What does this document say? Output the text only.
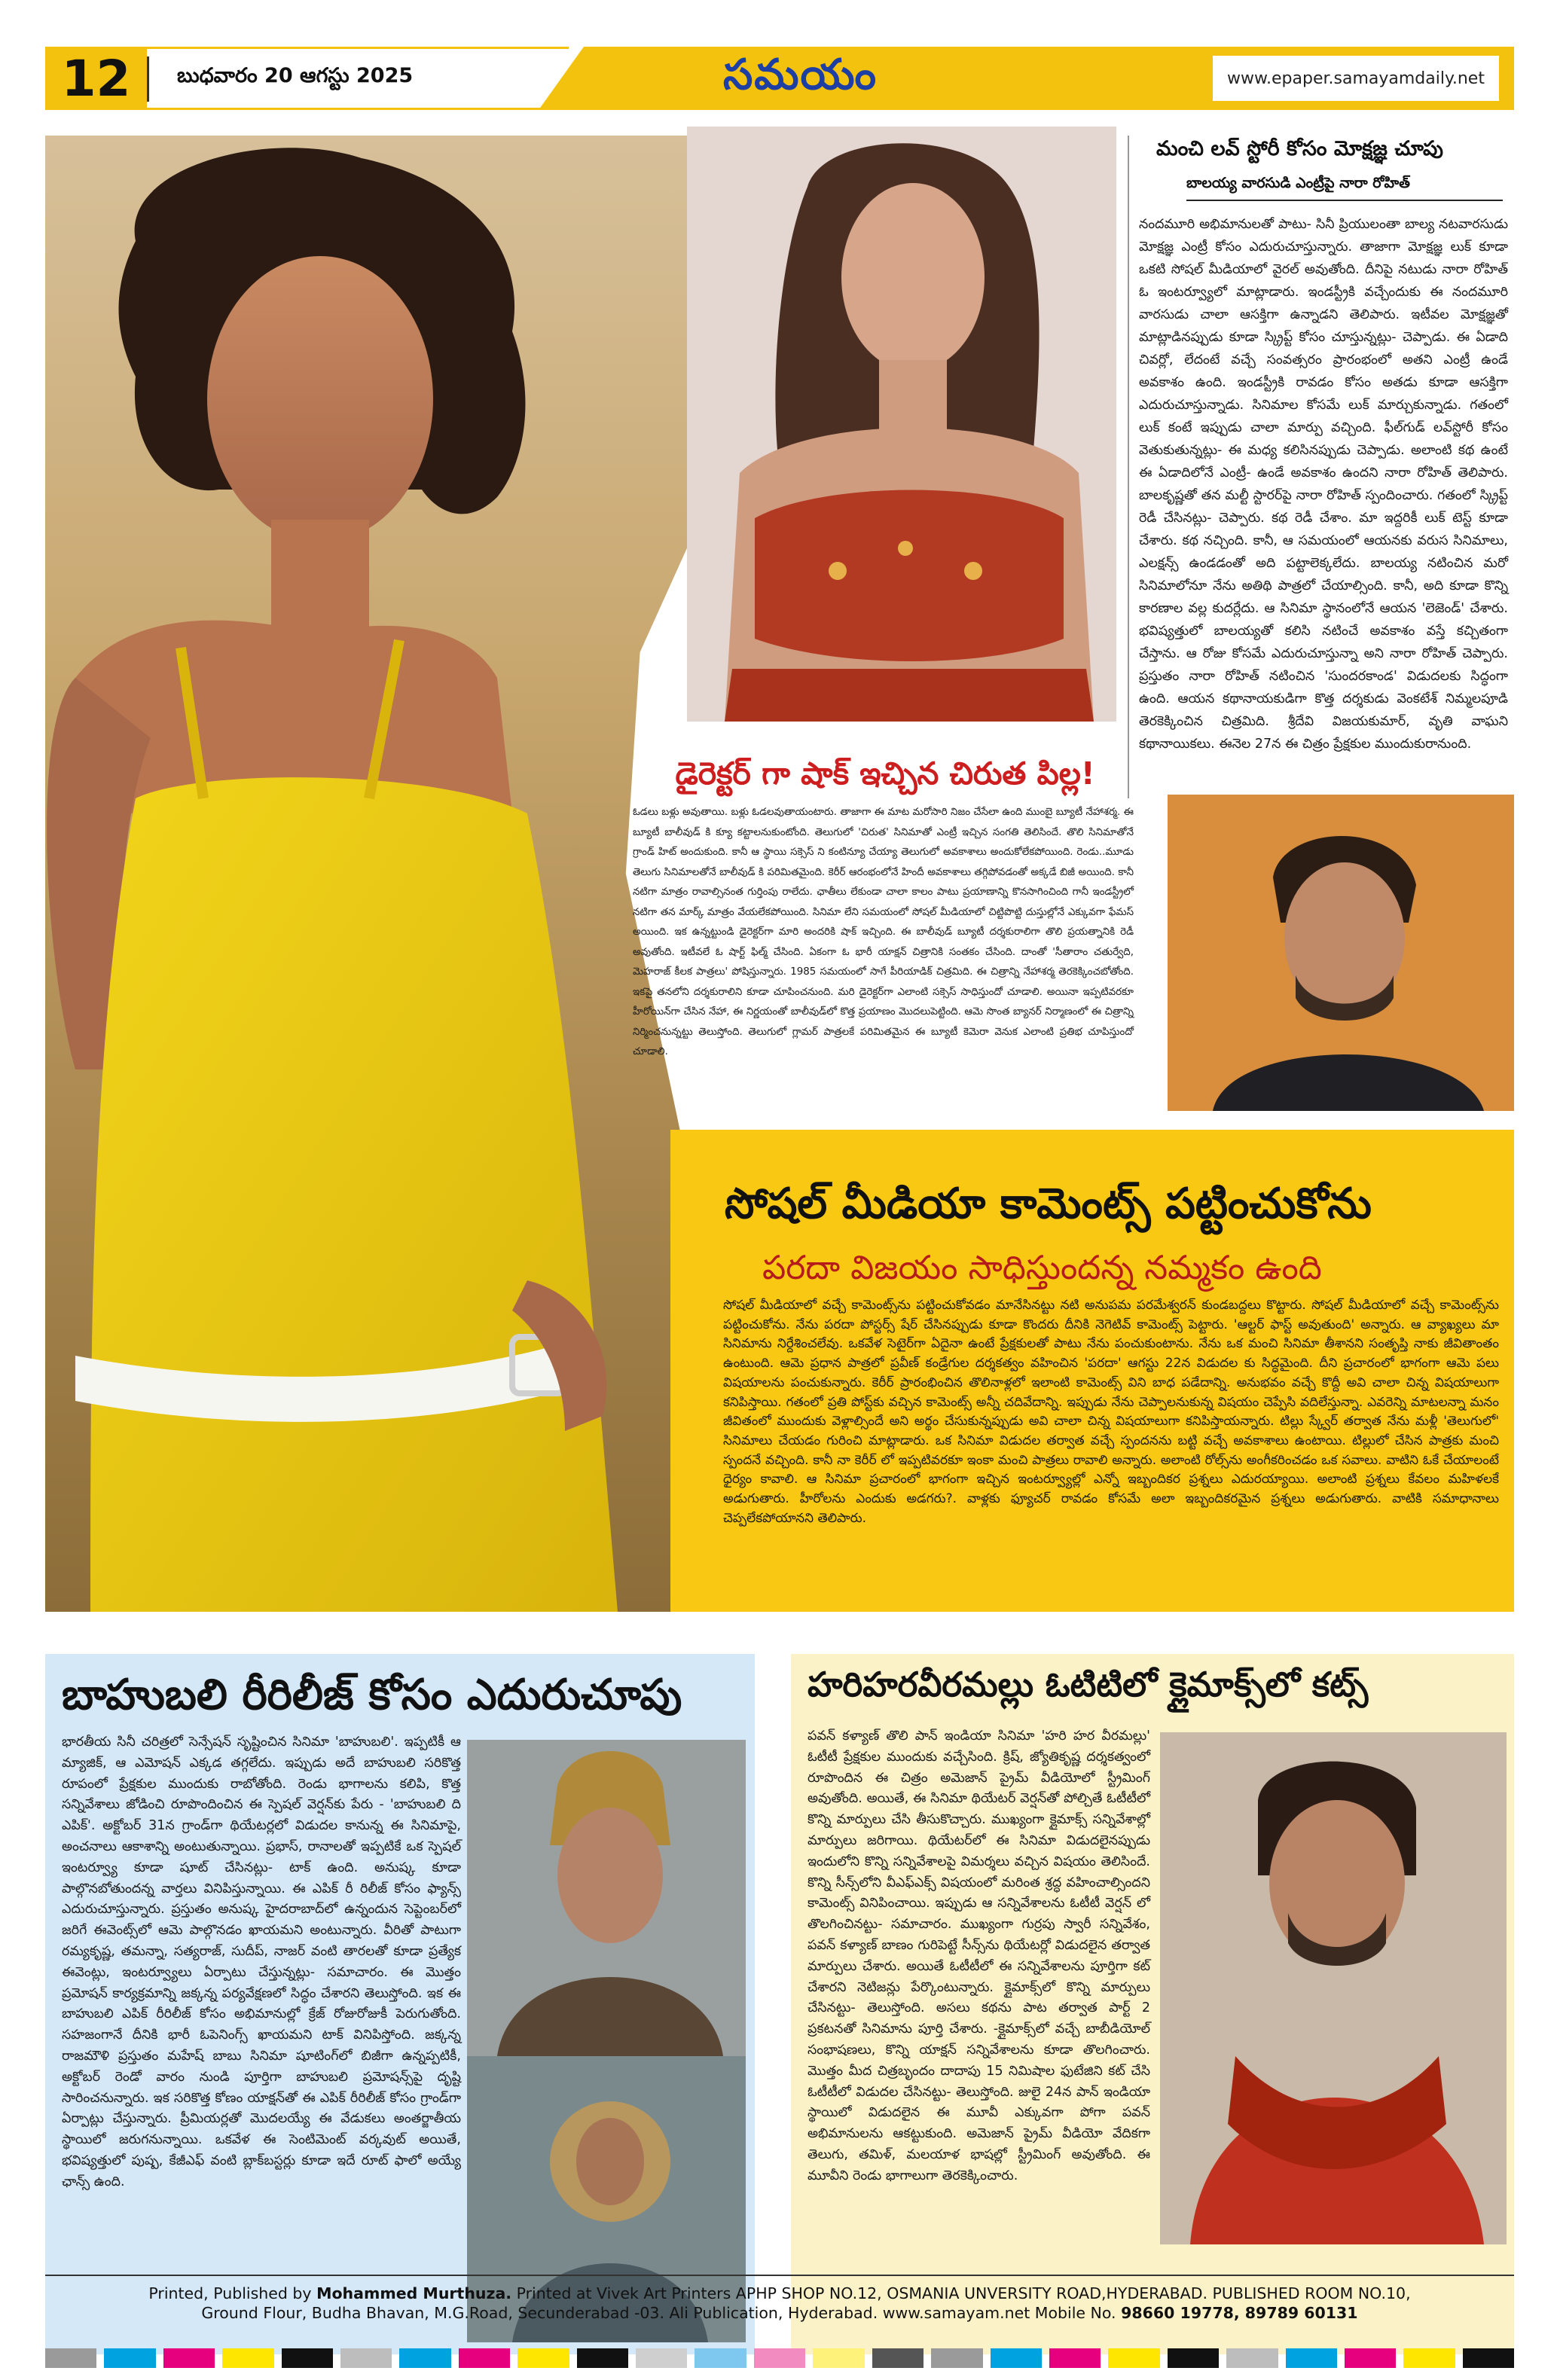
12	బుధవారం 20 ఆగస్టు 2025	సమయం	www.epaper.samayamdaily.net
మంచి లవ్ స్టోరీ కోసం మోక్షజ్ఞ చూపు
బాలయ్య వారసుడి ఎంట్రీపై నారా రోహిత్
నందమూరి అభిమానులతో పాటు- సినీ ప్రియులంతా బాల్య నటవారసుడు మోక్షజ్ఞ ఎంట్రీ కోసం ఎదురుచూస్తున్నారు. తాజాగా మోక్షజ్ఞ లుక్ కూడా ఒకటి సోషల్ మీడియాలో వైరల్ అవుతోంది. దీనిపై నటుడు నారా రోహిత్ ఓ ఇంటర్వ్యూలో మాట్లాడారు. ఇండస్ట్రీకి వచ్చేందుకు ఈ నందమూరి వారసుడు చాలా ఆసక్తిగా ఉన్నాడని తెలిపారు. ఇటీవల మోక్షజ్ఞతో మాట్లాడినప్పుడు కూడా స్క్రిప్ట్ కోసం చూస్తున్నట్లు- చెప్పాడు. ఈ ఏడాది చివర్లో, లేదంటే వచ్చే సంవత్సరం ప్రారంభంలో అతని ఎంట్రీ ఉండే అవకాశం ఉంది. ఇండస్ట్రీకి రావడం కోసం అతడు కూడా ఆసక్తిగా ఎదురుచూస్తున్నాడు. సినిమాల కోసమే లుక్ మార్చుకున్నాడు. గతంలో లుక్ కంటే ఇప్పుడు చాలా మార్పు వచ్చింది. ఫీల్‌గుడ్ లవ్‌స్టోరీ కోసం వెతుకుతున్నట్లు- ఈ మధ్య కలిసినప్పుడు చెప్పాడు. అలాంటి కథ ఉంటే ఈ ఏడాదిలోనే ఎంట్రీ- ఉండే అవకాశం ఉందని నారా రోహిత్ తెలిపారు. బాలకృష్ణతో తన మల్టీ స్టారర్‌పై నారా రోహిత్ స్పందించారు. గతంలో స్క్రిప్ట్ రెడీ చేసినట్లు- చెప్పారు. కథ రెడీ చేశాం. మా ఇద్దరికీ లుక్ టెస్ట్ కూడా చేశారు. కథ నచ్చింది. కానీ, ఆ సమయంలో ఆయనకు వరుస సినిమాలు, ఎలక్షన్స్ ఉండడంతో అది పట్టాలెక్కలేదు. బాలయ్య నటించిన మరో సినిమాలోనూ నేను అతిథి పాత్రలో చేయాల్సింది. కానీ, అది కూడా కొన్ని కారణాల వల్ల కుదర్లేదు. ఆ సినిమా స్థానంలోనే ఆయన 'లెజెండ్' చేశారు. భవిష్యత్తులో బాలయ్యతో కలిసి నటించే అవకాశం వస్తే కచ్చితంగా చేస్తాను. ఆ రోజు కోసమే ఎదురుచూస్తున్నా అని నారా రోహిత్ చెప్పారు. ప్రస్తుతం నారా రోహిత్ నటించిన 'సుందరకాండ' విడుదలకు సిద్ధంగా ఉంది. ఆయన కథానాయకుడిగా కొత్త దర్శకుడు వెంకటేశ్ నిమ్మలపూడి తెరకెక్కించిన చిత్రమిది. శ్రీదేవి విజయకుమార్, వృతి వాఘని కథానాయికలు. ఈనెల 27న ఈ చిత్రం ప్రేక్షకుల ముందుకురానుంది.
డైరెక్టర్ గా షాక్ ఇచ్చిన చిరుత పిల్ల!
ఓడలు బళ్లు అవుతాయి. బళ్లు ఓడలవుతాయంటారు. తాజాగా ఈ మాట మరోసారి నిజం చేసేలా ఉంది ముంబై బ్యూటీ నేహాశర్మ. ఈ బ్యూటీ బాలీవుడ్ కి క్యూ కట్టాలనుకుంటోంది. తెలుగులో 'చిరుత' సినిమాతో ఎంట్రీ ఇచ్చిన సంగతి తెలిసిందే. తొలి సినిమాతోనే గ్రాండ్ హిట్ అందుకుంది. కానీ ఆ స్థాయి సక్సెస్ ని కంటిన్యూ చేయ్యా తెలుగులో అవకాశాలు అందుకోలేకపోయింది. రెండు..మూడు తెలుగు సినిమాలతోనే బాలీవుడ్ కి పరిమితమైంది. కెరీర్ ఆరంభంలోనే హిందీ అవకాశాలు తగ్గిపోవడంతో అక్కడే బిజీ అయింది. కానీ నటిగా మాత్రం రావాల్సినంత గుర్తింపు రాలేదు. ఛాతీలు లేకుండా చాలా కాలం పాటు ప్రయాణాన్ని కొనసాగించింది గానీ ఇండస్ట్రీలో నటిగా తన మార్క్ మాత్రం వేయలేకపోయింది. సినిమా లేని సమయంలో సోషల్ మీడియాలో చిట్టిపొట్టి దుస్తుల్లోనే ఎక్కువగా ఫేమస్ అయింది. ఇక ఉన్నట్టుండి డైరెక్టర్‌గా మారి అందరికి షాక్ ఇచ్చింది. ఈ బాలీవుడ్ బ్యూటీ దర్శకురాలిగా తొలి ప్రయత్నానికి రెడీ అవుతోంది. ఇటీవలే ఓ షార్ట్ ఫిల్మ్ చేసింది. ఏకంగా ఓ భారీ యాక్షన్ చిత్రానికి సంతకం చేసింది. దాంతో 'సీతారాం చతుర్వేది, మెహరాజ్ కీలక పాత్రలు' పోషిస్తున్నారు. 1985 సమయంలో సాగే పీరియాడిక్ చిత్రమిది. ఈ చిత్రాన్ని నేహాశర్మ తెరకెక్కించబోతోంది. ఇకపై తనలోని దర్శకురాలిని కూడా చూపించనుంది. మరి డైరెక్టర్‌గా ఎలాంటి సక్సెస్ సాధిస్తుందో చూడాలి. అయినా ఇప్పటివరకూ హీరోయిన్‌గా చేసిన నేహా, ఈ నిర్ణయంతో బాలీవుడ్‌లో కొత్త ప్రయాణం మొదలుపెట్టింది. ఆమె సొంత బ్యానర్‌ నిర్మాణంలో ఈ చిత్రాన్ని నిర్మించనున్నట్టు తెలుస్తోంది. తెలుగులో గ్లామర్ పాత్రలకే పరిమితమైన ఈ బ్యూటీ కెమెరా వెనుక ఎలాంటి ప్రతిభ చూపిస్తుందో చూడాలి.
సోషల్ మీడియా కామెంట్స్ పట్టించుకోను
పరదా విజయం సాధిస్తుందన్న నమ్మకం ఉంది
సోషల్ మీడియాలో వచ్చే కామెంట్స్‌ను పట్టించుకోవడం మానేసినట్టు నటి అనుపమ పరమేశ్వరన్ కుండబద్దలు కొట్టారు. సోషల్ మీడియాలో వచ్చే కామెంట్స్‌ను పట్టించుకోను. నేను పరదా పోస్టర్స్ షేర్ చేసినప్పుడు కూడా కొందరు దీనికి నెగెటివ్ కామెంట్స్ పెట్టారు. 'ఆల్టర్ ఫాస్ట్ అవుతుంది' అన్నారు. ఆ వ్యాఖ్యలు మా సినిమాను నిర్దేశించలేవు. ఒకవేళ సెటైర్‌గా ఏదైనా ఉంటే ప్రేక్షకులతో పాటు నేను పంచుకుంటాను. నేను ఒక మంచి సినిమా తీశానని సంతృప్తి నాకు జీవితాంతం ఉంటుంది. ఆమె ప్రధాన పాత్రలో ప్రవీణ్ కండ్రేగుల దర్శకత్వం వహించిన 'పరదా' ఆగస్టు 22న విడుదల కు సిద్ధమైంది. దీని ప్రచారంలో భాగంగా ఆమె పలు విషయాలను పంచుకున్నారు. కెరీర్ ప్రారంభించిన తొలినాళ్లలో ఇలాంటి కామెంట్స్ విని బాధ పడేదాన్ని. అనుభవం వచ్చే కొద్దీ అవి చాలా చిన్న విషయాలుగా కనిపిస్తాయి. గతంలో ప్రతి పోస్ట్‌కు వచ్చిన కామెంట్స్ అన్నీ చదివేదాన్ని. ఇప్పుడు నేను చెప్పాలనుకున్న విషయం చెప్పేసి వదిలేస్తున్నా. ఎవరెన్ని మాటలన్నా మనం జీవితంలో ముందుకు వెళ్లాల్సిందే అని అర్థం చేసుకున్నప్పుడు అవి చాలా చిన్న విషయాలుగా కనిపిస్తాయన్నారు. టిల్లు స్క్వేర్ తర్వాత నేను మళ్లీ 'తెలుగులో' సినిమాలు చేయడం గురించి మాట్లాడారు. ఒక సినిమా విడుదల తర్వాత వచ్చే స్పందనను బట్టి వచ్చే అవకాశాలు ఉంటాయి. టిల్లులో చేసిన పాత్రకు మంచి స్పందనే వచ్చింది. కానీ నా కెరీర్ లో ఇప్పటివరకూ ఇంకా మంచి పాత్రలు రావాలి అన్నారు. అలాంటి రోల్స్‌ను అంగీకరించడం ఒక సవాలు. వాటిని ఓకే చేయాలంటే ధైర్యం కావాలి. ఆ సినిమా ప్రచారంలో భాగంగా ఇచ్చిన ఇంటర్వ్యూల్లో ఎన్నో ఇబ్బందికర ప్రశ్నలు ఎదురయ్యాయి. అలాంటి ప్రశ్నలు కేవలం మహిళలకే అడుగుతారు. హీరోలను ఎందుకు అడగరు?. వాళ్లకు ఫ్యూచర్ రావడం కోసమే అలా ఇబ్బందికరమైన ప్రశ్నలు అడుగుతారు. వాటికి సమాధానాలు చెప్పలేకపోయానని తెలిపారు.
బాహుబలి రీరిలీజ్ కోసం ఎదురుచూపు
భారతీయ సినీ చరిత్రలో సెన్సేషన్ సృష్టించిన సినిమా 'బాహుబలి'. ఇప్పటికీ ఆ మ్యాజిక్, ఆ ఎమోషన్ ఎక్కడ తగ్గలేదు. ఇప్పుడు అదే బాహుబలి సరికొత్త రూపంలో ప్రేక్షకుల ముందుకు రాబోతోంది. రెండు భాగాలను కలిపి, కొత్త సన్నివేశాలు జోడించి రూపొందించిన ఈ స్పెషల్ వెర్షన్‌కు పేరు - 'బాహుబలి ది ఎపిక్'. అక్టోబర్ 31న గ్రాండ్‌గా థియేటర్లలో విడుదల కానున్న ఈ సినిమాపై, అంచనాలు ఆకాశాన్ని అంటుతున్నాయి. ప్రభాస్, రానాలతో ఇప్పటికే ఒక స్పెషల్ ఇంటర్వ్యూ కూడా షూట్ చేసినట్లు- టాక్ ఉంది. అనుష్క కూడా పాల్గొనబోతుందన్న వార్తలు వినిపిస్తున్నాయి. ఈ ఎపిక్ రీ రిలీజ్ కోసం ఫ్యాన్స్ ఎదురుచూస్తున్నారు. ప్రస్తుతం అనుష్క హైదరాబాద్‌లో ఉన్నందున సెప్టెంబర్‌లో జరిగే ఈవెంట్స్‌లో ఆమె పాల్గొనడం ఖాయమని అంటున్నారు. వీరితో పాటుగా రమ్యకృష్ణ, తమన్నా, సత్యరాజ్, సుదీప్, నాజర్ వంటి తారలతో కూడా ప్రత్యేక ఈవెంట్లు, ఇంటర్వ్యూలు ఏర్పాటు చేస్తున్నట్లు- సమాచారం. ఈ మొత్తం ప్రమోషన్ కార్యక్రమాన్ని జక్కన్న పర్యవేక్షణలో సిద్ధం చేశారని తెలుస్తోంది. ఇక ఈ బాహుబలి ఎపిక్ రీరిలీజ్ కోసం అభిమానుల్లో క్రేజ్ రోజురోజుకీ పెరుగుతోంది. సహజంగానే దీనికి భారీ ఓపెనింగ్స్ ఖాయమని టాక్ వినిపిస్తోంది. జక్కన్న రాజమౌళి ప్రస్తుతం మహేష్ బాబు సినిమా షూటింగ్‌లో బిజీగా ఉన్నప్పటికీ, అక్టోబర్ రెండో వారం నుండి పూర్తిగా బాహుబలి ప్రమోషన్స్‌పై దృష్టి సారించనున్నారు. ఇక సరికొత్త కోణం యాక్షన్‌తో ఈ ఎపిక్ రీరిలీజ్ కోసం గ్రాండ్‌గా ఏర్పాట్లు చేస్తున్నారు. ప్రీమియర్లతో మొదలయ్యే ఈ వేడుకలు అంతర్జాతీయ స్థాయిలో జరుగనున్నాయి. ఒకవేళ ఈ సెంటిమెంట్ వర్కవుట్ అయితే, భవిష్యత్తులో పుష్ప, కేజీఎఫ్ వంటి బ్లాక్‌బస్టర్లు కూడా ఇదే రూట్ ఫాలో అయ్యే ఛాన్స్ ఉంది.
హరిహరవీరమల్లు ఓటిటిలో క్లైమాక్స్‌లో కట్స్
పవన్ కళ్యాణ్ తొలి పాన్ ఇండియా సినిమా 'హరి హర వీరమల్లు' ఓటీటీ ప్రేక్షకుల ముందుకు వచ్చేసింది. క్రిష్, జ్యోతికృష్ణ దర్శకత్వంలో రూపొందిన ఈ చిత్రం అమెజాన్ ప్రైమ్ వీడియో‌లో స్ట్రీమింగ్ అవుతోంది. అయితే, ఈ సినిమా థియేటర్ వెర్షన్‌తో పోల్చితే ఓటీటీలో కొన్ని మార్పులు చేసి తీసుకొచ్చారు. ముఖ్యంగా క్లైమాక్స్ సన్నివేశాల్లో మార్పులు జరిగాయి. థియేటర్‌లో ఈ సినిమా విడుదలైనప్పుడు ఇందులోని కొన్ని సన్నివేశాలపై విమర్శలు వచ్చిన విషయం తెలిసిందే. కొన్ని సీన్స్‌లోని వీఎఫ్ఎక్స్ విషయంలో మరింత శ్రద్ధ వహించాల్సిందని కామెంట్స్ వినిపించాయి. ఇప్పుడు ఆ సన్నివేశాలను ఓటీటీ వెర్షన్ లో తొలగించినట్టు- సమాచారం. ముఖ్యంగా గుర్రపు స్వారీ సన్నివేశం, పవన్ కళ్యాణ్ బాణం గురిపెట్టే సీన్స్‌ను థియేటర్లో విడుదలైన తర్వాత మార్పులు చేశారు. అయితే ఓటీటీలో ఈ సన్నివేశాలను పూర్తిగా కట్ చేశారని నెటిజన్లు పేర్కొంటున్నారు. క్లైమాక్స్‌లో కొన్ని మార్పులు చేసినట్టు- తెలుస్తోంది. అసలు కథను పాట తర్వాత పార్ట్‌ 2 ప్రకటనతో సినిమాను పూర్తి చేశారు. -క్లైమాక్స్‌లో వచ్చే బాబీడియోల్ సంభాషణలు, కొన్ని యాక్షన్ సన్నివేశాలను కూడా తొలగించారు. మొత్తం మీద చిత్రబృందం దాదాపు 15 నిమిషాల ఫుటేజిని కట్ చేసి ఓటీటీలో విడుదల చేసినట్టు- తెలుస్తోంది. జులై 24న పాన్ ఇండియా స్థాయిలో విడుదలైన ఈ మూవీ ఎక్కువగా పోగా పవన్ అభిమానులను ఆకట్టుకుంది. అమెజాన్ ప్రైమ్ వీడియో వేదికగా తెలుగు, తమిళ్, మలయాళ భాషల్లో స్ట్రీమింగ్ అవుతోంది. ఈ మూవీని రెండు భాగాలుగా తెరకెక్కించారు.
Printed, Published by Mohammed Murthuza. Printed at Vivek Art Printers APHP SHOP NO.12, OSMANIA UNVERSITY ROAD,HYDERABAD. PUBLISHED ROOM NO.10,
Ground Flour, Budha Bhavan, M.G.Road, Secunderabad -03. Ali Publication, Hyderabad. www.samayam.net Mobile No. 98660 19778, 89789 60131
